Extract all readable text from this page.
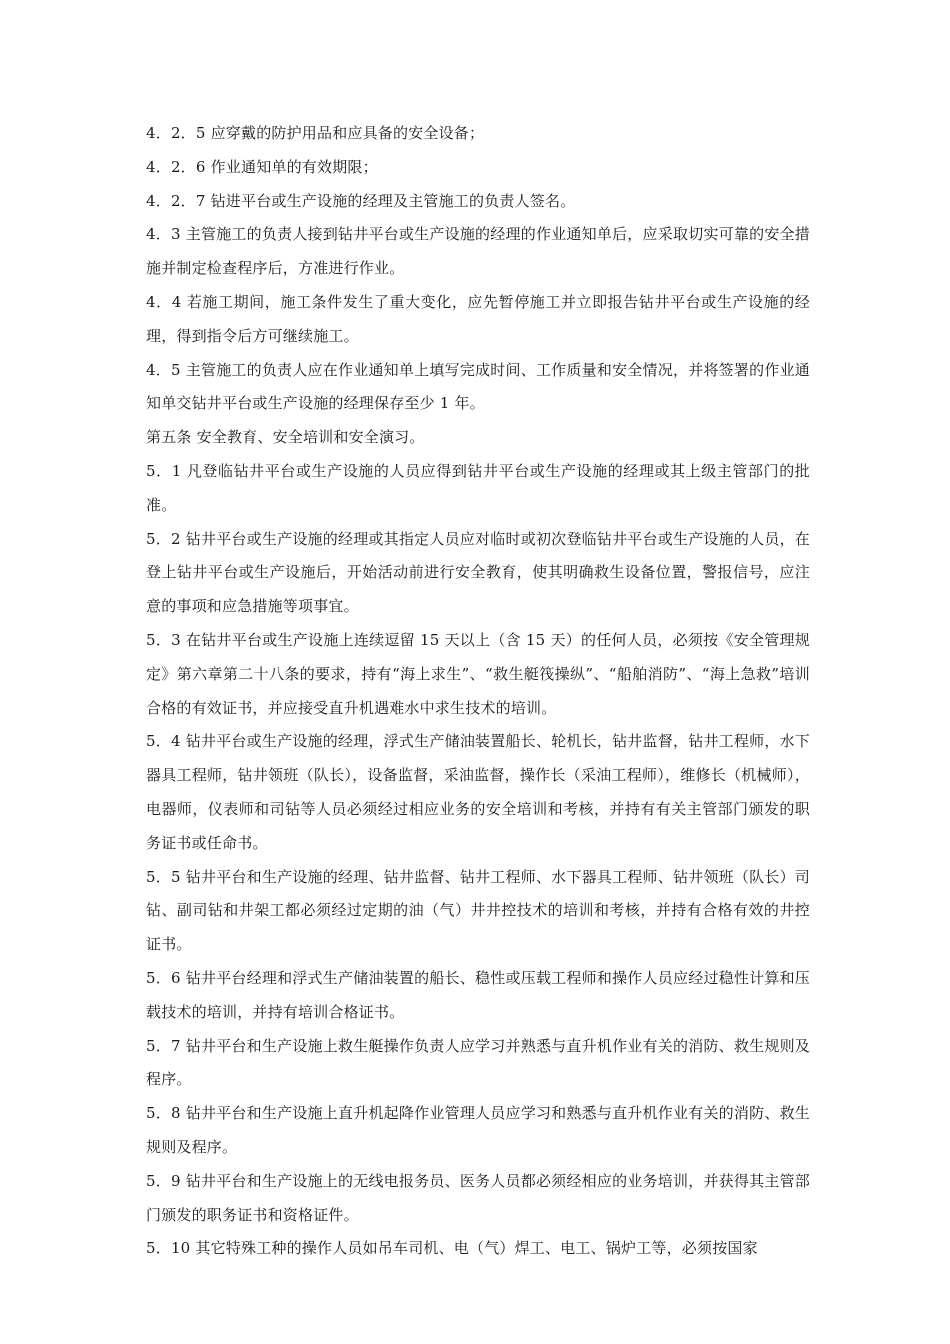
4．2．5 应穿戴的防护用品和应具备的安全设备；

4．2．6 作业通知单的有效期限；

4．2．7 钻进平台或生产设施的经理及主管施工的负责人签名。

4．3 主管施工的负责人接到钻井平台或生产设施的经理的作业通知单后，应采取切实可靠的安全措施并制定检查程序后，方准进行作业。

4．4 若施工期间，施工条件发生了重大变化，应先暂停施工并立即报告钻井平台或生产设施的经理，得到指令后方可继续施工。

4．5 主管施工的负责人应在作业通知单上填写完成时间、工作质量和安全情况，并将签署的作业通知单交钻井平台或生产设施的经理保存至少 1 年。

第五条 安全教育、安全培训和安全演习。

5．1 凡登临钻井平台或生产设施的人员应得到钻井平台或生产设施的经理或其上级主管部门的批准。

5．2 钻井平台或生产设施的经理或其指定人员应对临时或初次登临钻井平台或生产设施的人员，在登上钻井平台或生产设施后，开始活动前进行安全教育，使其明确救生设备位置，警报信号，应注意的事项和应急措施等项事宜。

5．3 在钻井平台或生产设施上连续逗留 15 天以上（含 15 天）的任何人员，必须按《安全管理规定》第六章第二十八条的要求，持有“海上求生”、“救生艇筏操纵”、“船舶消防”、“海上急救”培训合格的有效证书，并应接受直升机遇难水中求生技术的培训。

5．4 钻井平台或生产设施的经理，浮式生产储油装置船长、轮机长，钻井监督，钻井工程师，水下器具工程师，钻井领班（队长），设备监督，采油监督，操作长（采油工程师），维修长（机械师），电器师，仪表师和司钻等人员必须经过相应业务的安全培训和考核，并持有有关主管部门颁发的职务证书或任命书。

5．5 钻井平台和生产设施的经理、钻井监督、钻井工程师、水下器具工程师、钻井领班（队长）司钻、副司钻和井架工都必须经过定期的油（气）井井控技术的培训和考核，并持有合格有效的井控证书。

5．6 钻井平台经理和浮式生产储油装置的船长、稳性或压载工程师和操作人员应经过稳性计算和压载技术的培训，并持有培训合格证书。

5．7 钻井平台和生产设施上救生艇操作负责人应学习并熟悉与直升机作业有关的消防、救生规则及程序。

5．8 钻井平台和生产设施上直升机起降作业管理人员应学习和熟悉与直升机作业有关的消防、救生规则及程序。

5．9 钻井平台和生产设施上的无线电报务员、医务人员都必须经相应的业务培训，并获得其主管部门颁发的职务证书和资格证件。

5．10 其它特殊工种的操作人员如吊车司机、电（气）焊工、电工、锅炉工等，必须按国家
